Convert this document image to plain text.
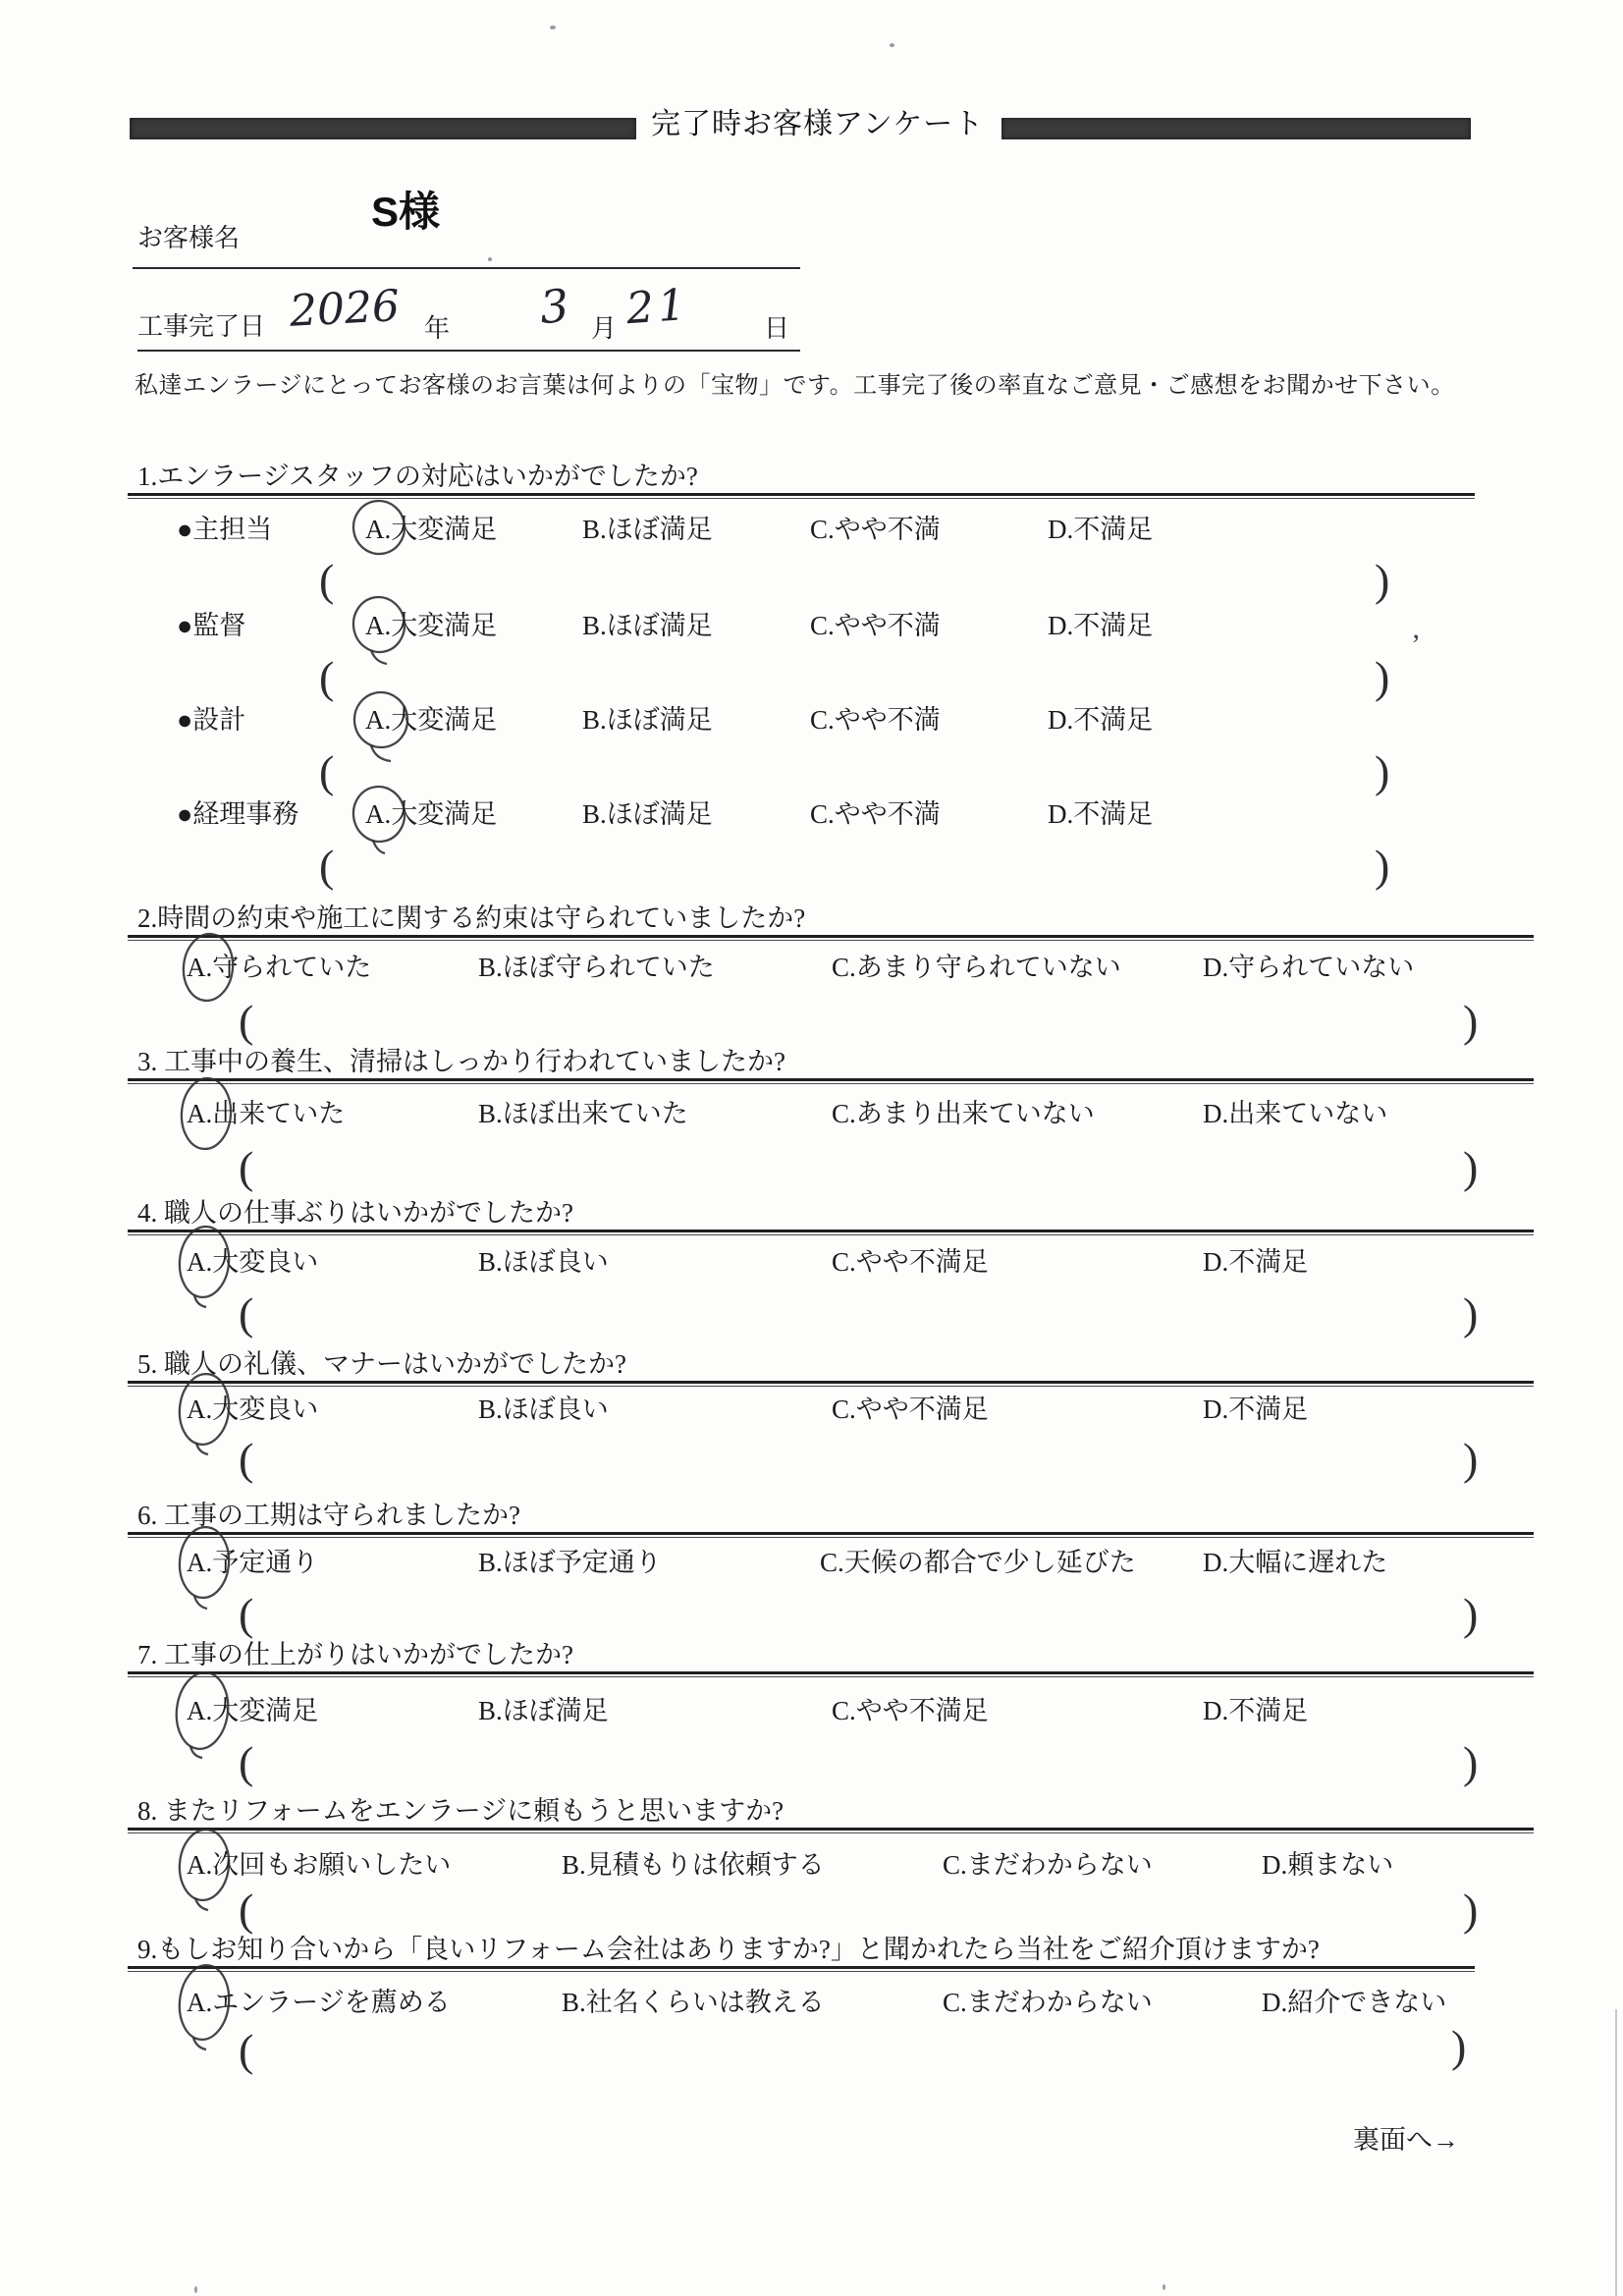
完了時お客様アンケート
お客様名
S様
工事完了日 2026 年 3 月 21	日
私達エンラージにとってお客様のお言葉は何よりの「宝物」です。工事完了後の率直なご意見・ご感想をお聞かせ下さい。
1.エンラージスタッフの対応はいかがでしたか?
●主担当	A.大変満足	B.ほぼ満足	C.やや不満	D.不満足
(	)
●監督	A.大変満足	B.ほぼ満足	C.やや不満	D.不満足
’
(	)
●設計	A.大変満足	B.ほぼ満足	C.やや不満	D.不満足
(	)
●経理事務	A.大変満足	B.ほぼ満足	C.やや不満	D.不満足
(	)
2.時間の約束や施工に関する約束は守られていましたか?
A.守られていた	B.ほぼ守られていた	C.あまり守られていない	D.守られていない
(	)
3. 工事中の養生、清掃はしっかり行われていましたか?
A.出来ていた	B.ほぼ出来ていた	C.あまり出来ていない	D.出来ていない
(	)
4. 職人の仕事ぶりはいかがでしたか?
A.大変良い	B.ほぼ良い	C.やや不満足	D.不満足
(	)
5. 職人の礼儀、マナーはいかがでしたか?
A.大変良い	B.ほぼ良い	C.やや不満足	D.不満足
(	)
6. 工事の工期は守られましたか?
A.予定通り	B.ほぼ予定通り	C.天候の都合で少し延びた	D.大幅に遅れた
(	)
7. 工事の仕上がりはいかがでしたか?
A.大変満足	B.ほぼ満足	C.やや不満足	D.不満足
(	)
8. またリフォームをエンラージに頼もうと思いますか?
A.次回もお願いしたい	B.見積もりは依頼する	C.まだわからない	D.頼まない
(	)
9.もしお知り合いから「良いリフォーム会社はありますか?」と聞かれたら当社をご紹介頂けますか?
A.エンラージを薦める	B.社名くらいは教える	C.まだわからない	D.紹介できない
(	)
裏面へ→
